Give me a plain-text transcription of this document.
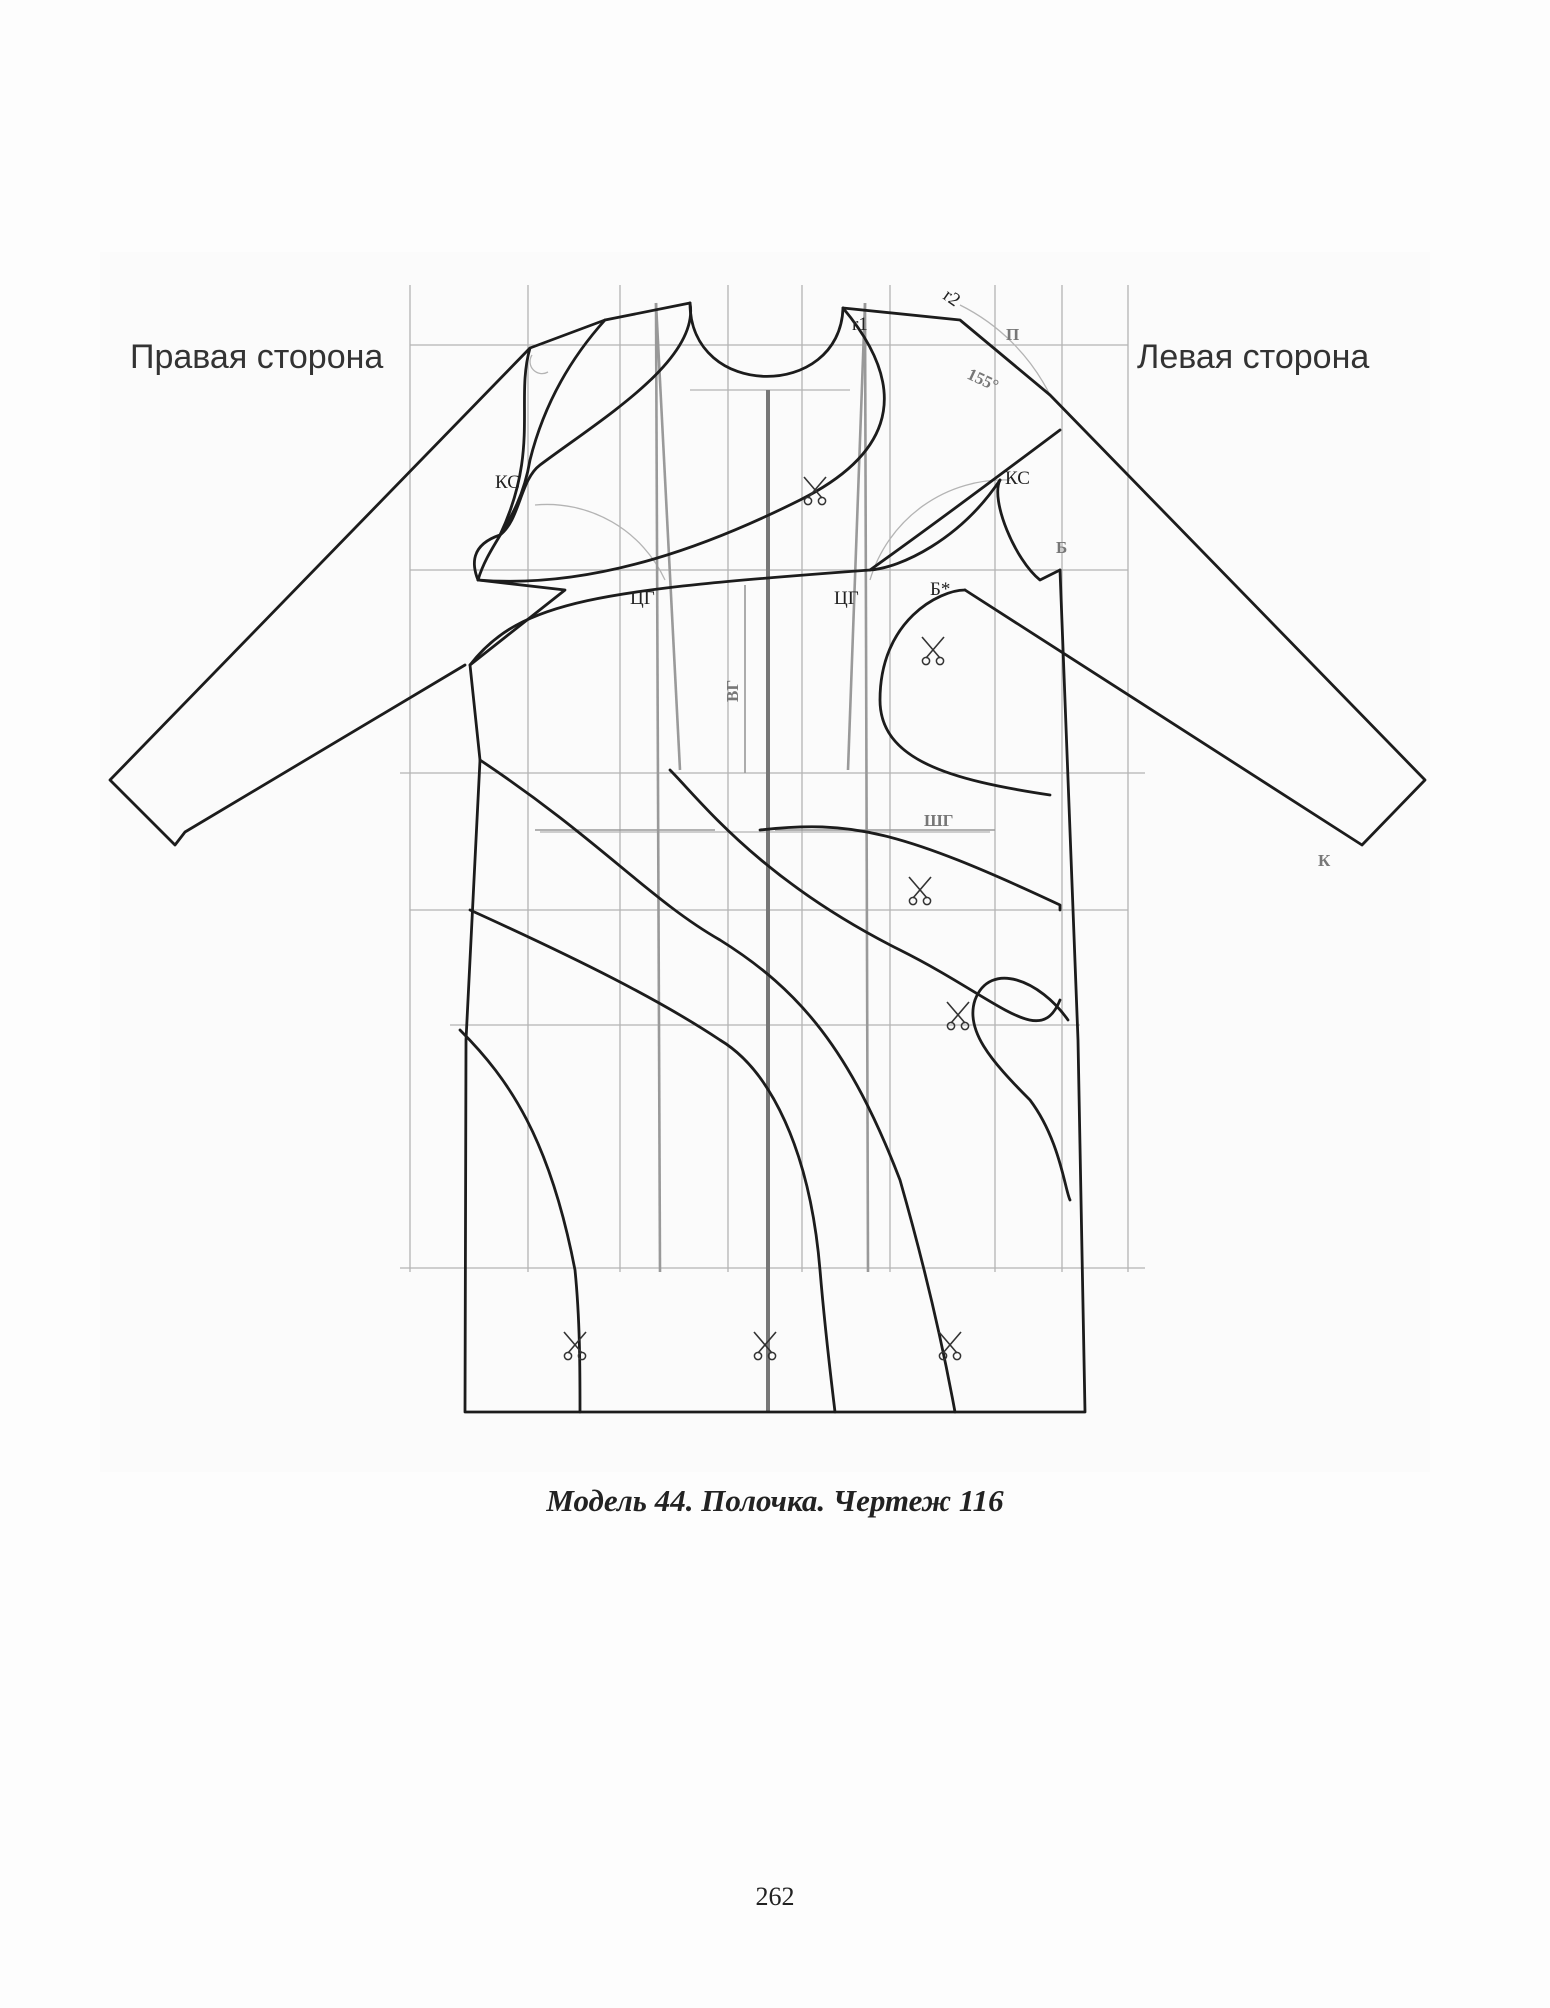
Правая сторона	Левая сторона
КС	КС
ЦГ	ЦГ	Б*
Б
П
r1
r2
155°
К
ВГ
ШГ

Модель 44. Полочка. Чертеж 116

262
